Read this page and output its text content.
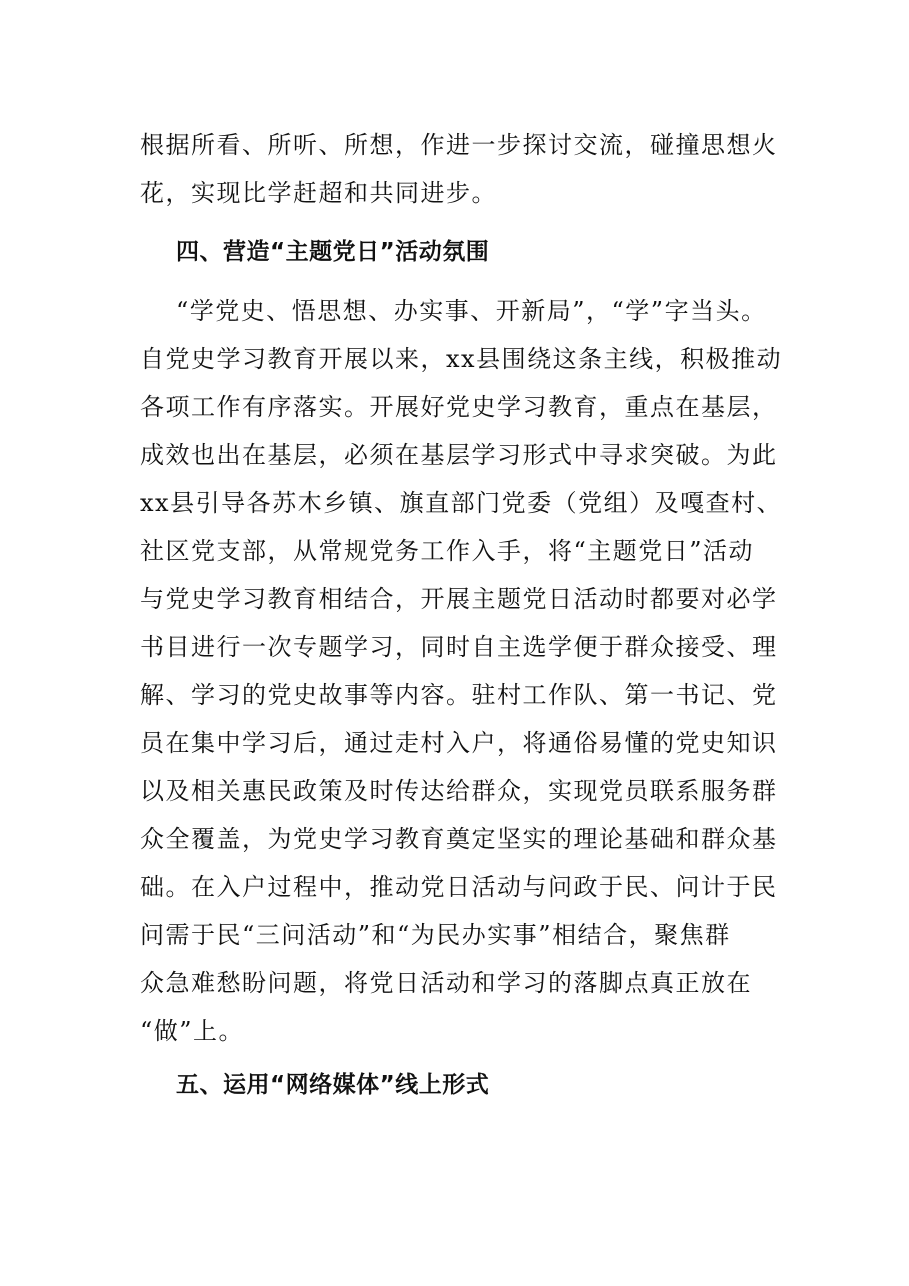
根据所看、所听、所想，作进一步探讨交流，碰撞思想火
花，实现比学赶超和共同进步。
四、营造“主题党日”活动氛围
“学党史、悟思想、办实事、开新局”，“学”字当头。
自党史学习教育开展以来，xx县围绕这条主线，积极推动
各项工作有序落实。开展好党史学习教育，重点在基层，
成效也出在基层，必须在基层学习形式中寻求突破。为此
xx县引导各苏木乡镇、旗直部门党委（党组）及嘎查村、
社区党支部，从常规党务工作入手，将“主题党日”活动
与党史学习教育相结合，开展主题党日活动时都要对必学
书目进行一次专题学习，同时自主选学便于群众接受、理
解、学习的党史故事等内容。驻村工作队、第一书记、党
员在集中学习后，通过走村入户，将通俗易懂的党史知识
以及相关惠民政策及时传达给群众，实现党员联系服务群
众全覆盖，为党史学习教育奠定坚实的理论基础和群众基
础。在入户过程中，推动党日活动与问政于民、问计于民
问需于民“三问活动”和“为民办实事”相结合，聚焦群
众急难愁盼问题，将党日活动和学习的落脚点真正放在
“做”上。
五、运用“网络媒体”线上形式
